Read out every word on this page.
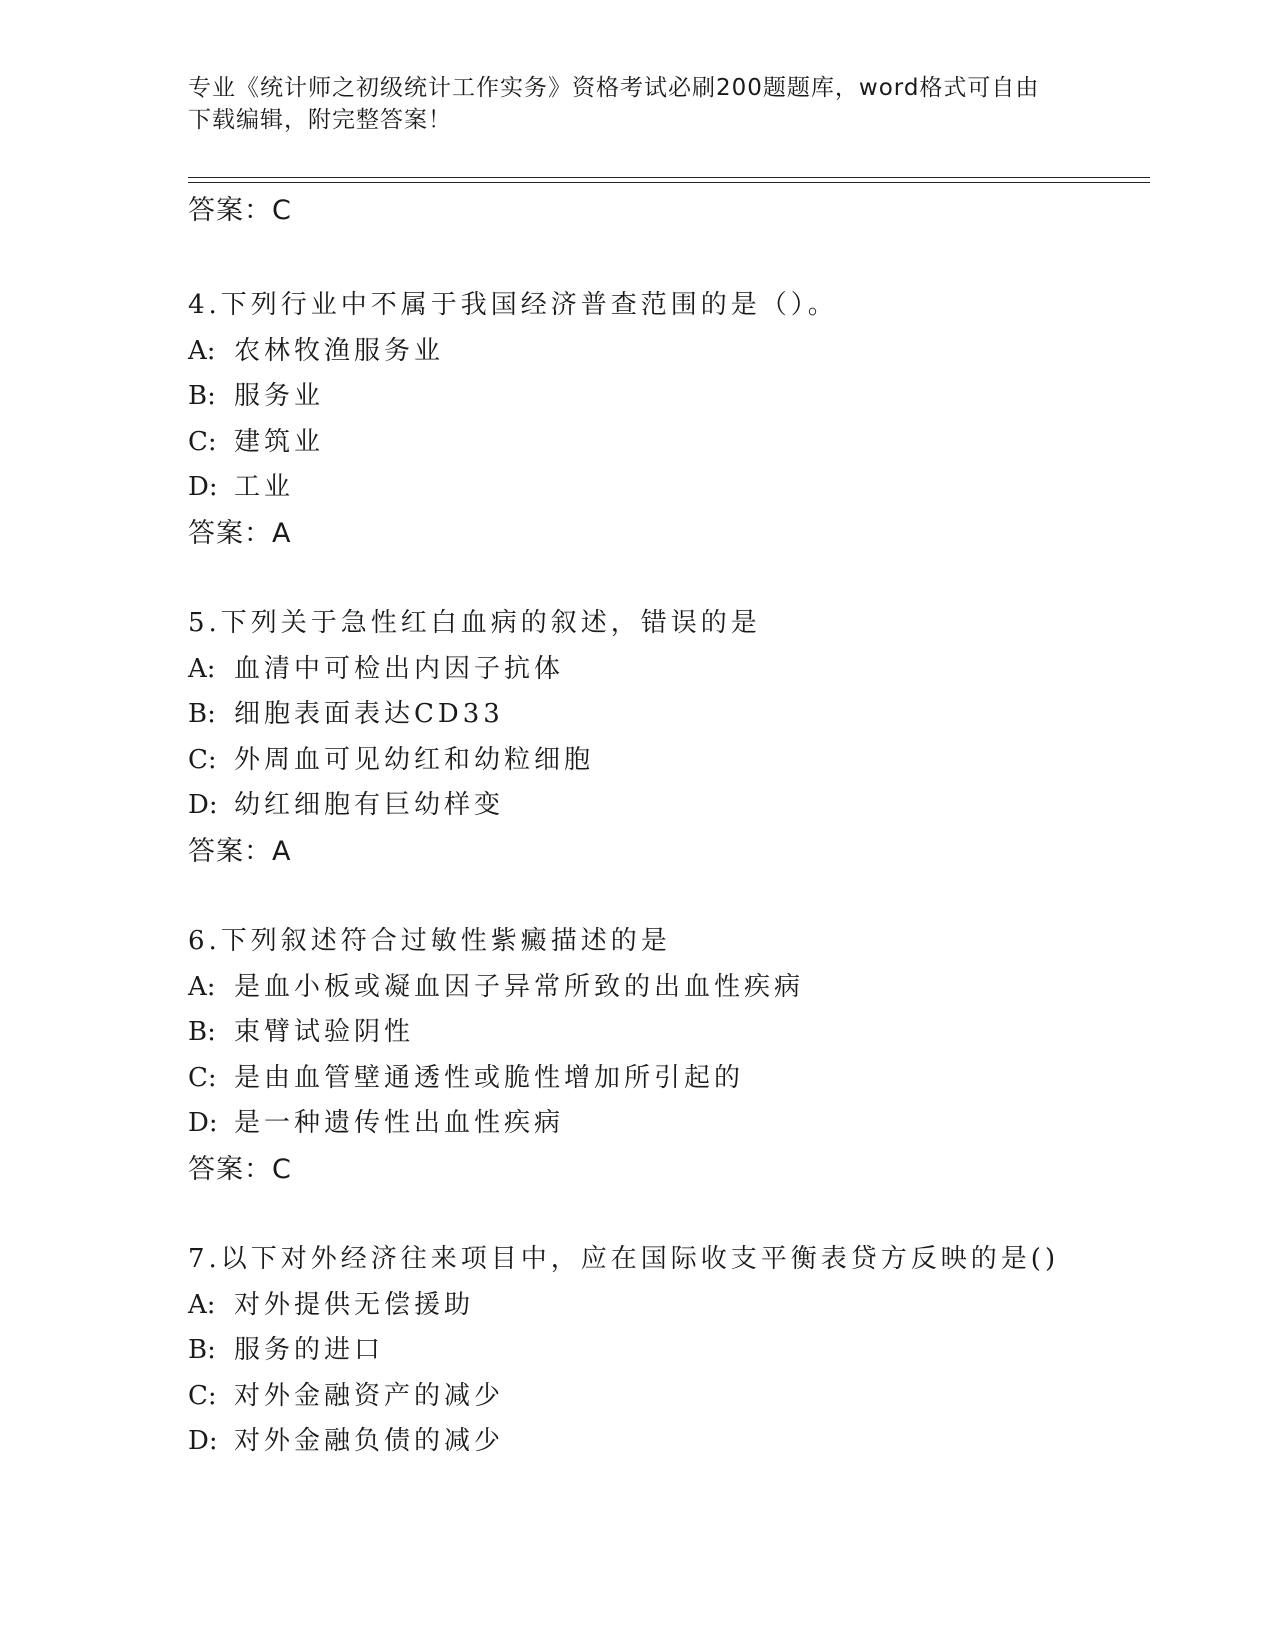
专业《统计师之初级统计工作实务》资格考试必刷200题题库，word格式可自由
下载编辑，附完整答案！
答案：C
4.下列行业中不属于我国经济普查范围的是（）。
A: 农林牧渔服务业
B: 服务业
C: 建筑业
D: 工业
答案：A
5.下列关于急性红白血病的叙述，错误的是
A: 血清中可检出内因子抗体
B: 细胞表面表达CD33
C: 外周血可见幼红和幼粒细胞
D: 幼红细胞有巨幼样变
答案：A
6.下列叙述符合过敏性紫癜描述的是
A: 是血小板或凝血因子异常所致的出血性疾病
B: 束臂试验阴性
C: 是由血管壁通透性或脆性增加所引起的
D: 是一种遗传性出血性疾病
答案：C
7.以下对外经济往来项目中，应在国际收支平衡表贷方反映的是()
A: 对外提供无偿援助
B: 服务的进口
C: 对外金融资产的减少
D: 对外金融负债的减少
